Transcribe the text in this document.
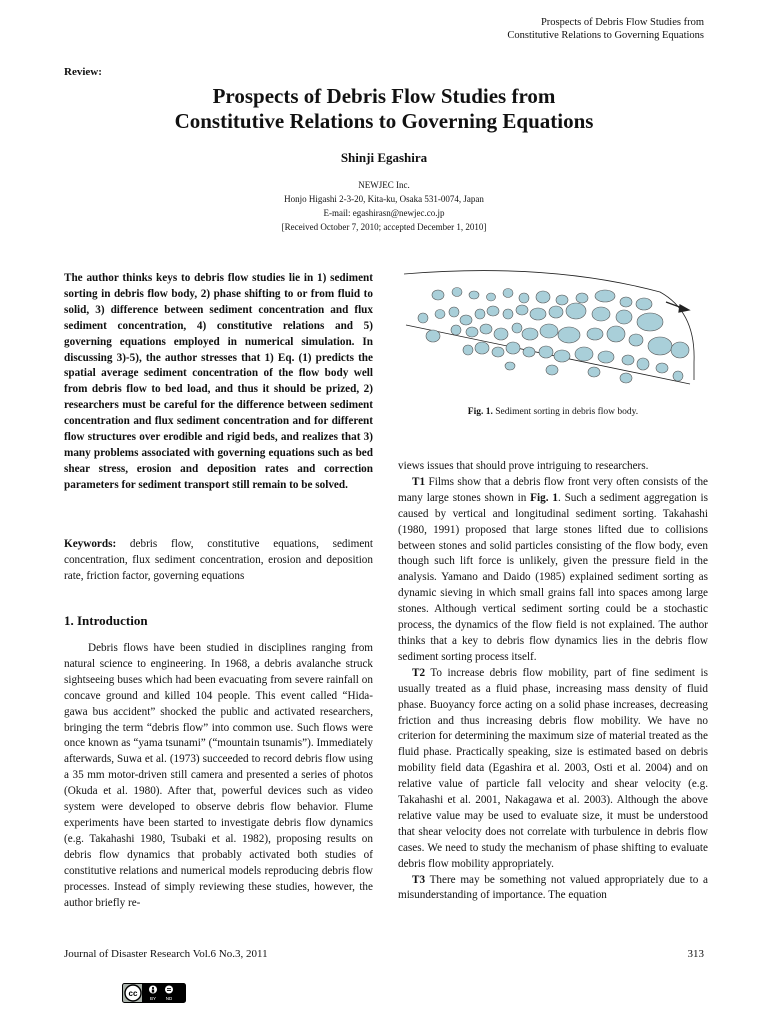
Prospects of Debris Flow Studies from
Constitutive Relations to Governing Equations
Review:
Prospects of Debris Flow Studies from
Constitutive Relations to Governing Equations
Shinji Egashira
NEWJEC Inc.
Honjo Higashi 2-3-20, Kita-ku, Osaka 531-0074, Japan
E-mail: egashirasn@newjec.co.jp
[Received October 7, 2010; accepted December 1, 2010]
The author thinks keys to debris flow studies lie in 1) sediment sorting in debris flow body, 2) phase shifting to or from fluid to solid, 3) difference between sediment concentration and flux sediment concentration, 4) constitutive relations and 5) governing equations employed in numerical simulation. In discussing 3)-5), the author stresses that 1) Eq. (1) predicts the spatial average sediment concentration of the flow body well from debris flow to bed load, and thus it should be prized, 2) researchers must be careful for the difference between sediment concentration and flux sediment concentration and for different flow structures over erodible and rigid beds, and realizes that 3) many problems associated with governing equations such as bed shear stress, erosion and deposition rates and correction parameters for sediment transport still remain to be solved.
Keywords: debris flow, constitutive equations, sediment concentration, flux sediment concentration, erosion and deposition rate, friction factor, governing equations
1. Introduction

Debris flows have been studied in disciplines ranging from natural science to engineering. In 1968, a debris avalanche struck sightseeing buses which had been evacuating from severe rainfall on concave ground and killed 104 people. This event called “Hida-gawa bus accident” shocked the public and activated researchers, bringing the term “debris flow” into common use. Such flows were once known as “yama tsunami” (“mountain tsunamis”). Immediately afterwards, Suwa et al. (1973) succeeded to record debris flow using a 35 mm motor-driven still camera and presented a series of photos (Okuda et al. 1980). After that, powerful devices such as video system were developed to observe debris flow behavior. Flume experiments have been started to investigate debris flow dynamics (e.g. Takahashi 1980, Tsubaki et al. 1982), proposing results on debris flow dynamics that probably activated both studies of constitutive relations and numerical models reproducing debris flow processes. Instead of simply reviewing these studies, however, the author briefly re-

Fig. 1. Sediment sorting in debris flow body.

views issues that should prove intriguing to researchers.

T1 Films show that a debris flow front very often consists of the many large stones shown in Fig. 1. Such a sediment aggregation is caused by vertical and longitudinal sediment sorting. Takahashi (1980, 1991) proposed that large stones lifted due to collisions between stones and solid particles consisting of the flow body, even though such lift force is unlikely, given the pressure field in the analysis. Yamano and Daido (1985) explained sediment sorting as dynamic sieving in which small grains fall into spaces among large stones. Although vertical sediment sorting could be a stochastic process, the dynamics of the flow field is not explained. The author thinks that a key to debris flow dynamics lies in the debris flow sediment sorting process itself.

T2 To increase debris flow mobility, part of fine sediment is usually treated as a fluid phase, increasing mass density of fluid phase. Buoyancy force acting on a solid phase increases, decreasing friction and thus increasing debris flow mobility. We have no criterion for determining the maximum size of material treated as the fluid phase. Practically speaking, size is estimated based on debris mobility field data (Egashira et al. 2003, Osti et al. 2004) and on relative value of particle fall velocity and shear velocity (e.g. Takahashi et al. 2001, Nakagawa et al. 2003). Although the above relative value may be used to evaluate size, it must be understood that shear velocity does not correlate with turbulence in debris flow cases. We need to study the mechanism of phase shifting to evaluate debris flow mobility appropriately.

T3 There may be something not valued appropriately due to a misunderstanding of importance. The equation

Journal of Disaster Research Vol.6 No.3, 2011	313
cc
BY ND
